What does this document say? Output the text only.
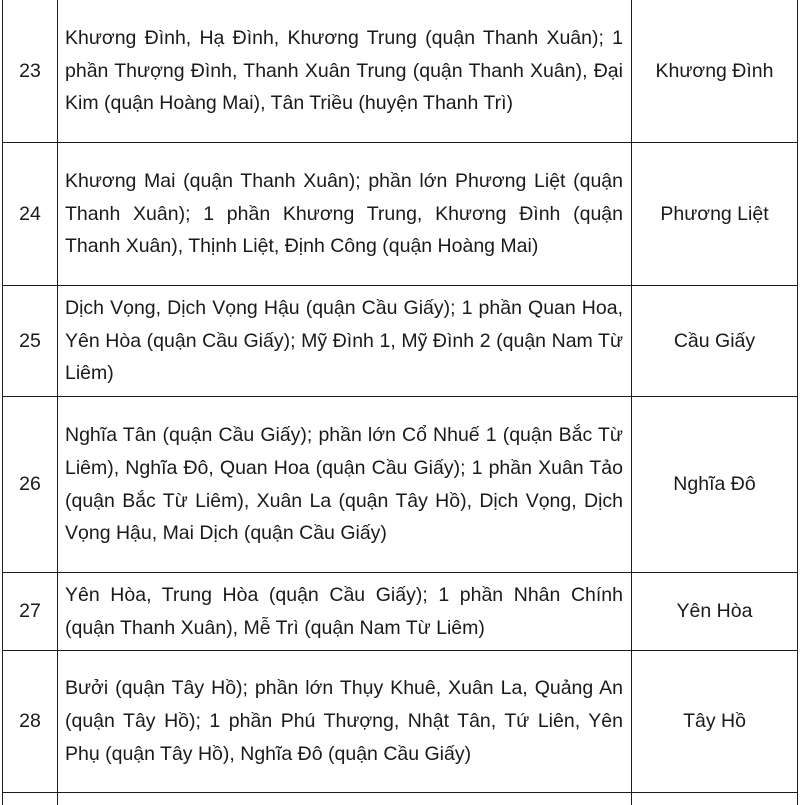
23	Khương Đình, Hạ Đình, Khương Trung (quận Thanh Xuân); 1 phần Thượng Đình, Thanh Xuân Trung (quận Thanh Xuân), Đại Kim (quận Hoàng Mai), Tân Triều (huyện Thanh Trì)	Khương Đình
24	Khương Mai (quận Thanh Xuân); phần lớn Phương Liệt (quận Thanh Xuân); 1 phần Khương Trung, Khương Đình (quận Thanh Xuân), Thịnh Liệt, Định Công (quận Hoàng Mai)	Phương Liệt
25	Dịch Vọng, Dịch Vọng Hậu (quận Cầu Giấy); 1 phần Quan Hoa, Yên Hòa (quận Cầu Giấy); Mỹ Đình 1, Mỹ Đình 2 (quận Nam Từ Liêm)	Cầu Giấy
26	Nghĩa Tân (quận Cầu Giấy); phần lớn Cổ Nhuế 1 (quận Bắc Từ Liêm), Nghĩa Đô, Quan Hoa (quận Cầu Giấy); 1 phần Xuân Tảo (quận Bắc Từ Liêm), Xuân La (quận Tây Hồ), Dịch Vọng, Dịch Vọng Hậu, Mai Dịch (quận Cầu Giấy)	Nghĩa Đô
27	Yên Hòa, Trung Hòa (quận Cầu Giấy); 1 phần Nhân Chính (quận Thanh Xuân), Mễ Trì (quận Nam Từ Liêm)	Yên Hòa
28	Bưởi (quận Tây Hồ); phần lớn Thụy Khuê, Xuân La, Quảng An (quận Tây Hồ); 1 phần Phú Thượng, Nhật Tân, Tứ Liên, Yên Phụ (quận Tây Hồ), Nghĩa Đô (quận Cầu Giấy)	Tây Hồ
